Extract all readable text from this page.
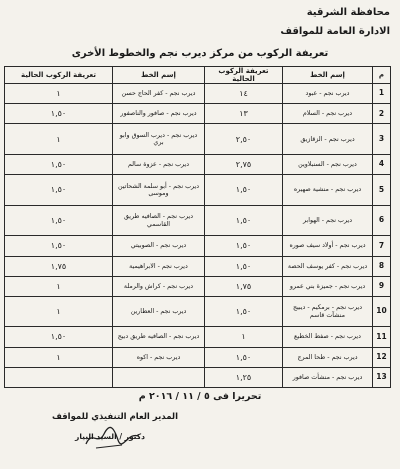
محافظة الشرقية
الادارة العامة للمواقف
تعريفة الركوب من مركز ديرب نجم والخطوط الأخرى
م	إسم الخط	تعريفة الركوب الحالية	إسم الخط	تعريفة الركوب الحالية
1	ديرب نجم - عبود	١٤	ديرب نجم - كفر الحاج حسن	١
2	ديرب نجم - السلام	١٣	ديرب نجم - صافور والناصفور	١,٥٠
3	ديرب نجم - الزقازيق	٢,٥٠	ديرب نجم - ديرب السوق وابو بري	١
4	ديرب نجم - السنبلاوين	٢,٧٥	ديرب نجم - عزوة سالم	١,٥٠
5	ديرب نجم - منشية صهيره	١,٥٠	ديرب نجم - أبو سلمة الشحاتين وموسى	١,٥٠
6	ديرب نجم - الهوابر	١,٥٠	ديرب نجم - الصافيه طريق القاسمي	١,٥٠
7	ديرب نجم - أولاد سيف صوره	١,٥٠	ديرب نجم - الصوبيتي	١,٥٠
8	ديرب نجم - كفر يوسف الحصة	١,٥٠	ديرب نجم - الابراهيمية	١,٧٥
9	ديرب نجم - جميزة بني عمرو	١,٧٥	ديرب نجم - كراش والرملة	١
10	ديرب نجم - برمكيم - ديبيج منشآت قاسم	١,٥٠	ديرب نجم - العطارين	١
11	ديرب نجم - صفط الخطيع	١	ديرب نجم - الصافيه طريق دبيج	١,٥٠
12	ديرب نجم - طحا المرج	١,٥٠	ديرب نجم - اكوه	١
13	ديرب نجم - منشأت صافور	١,٢٥		
تحريرا فى ٥ / ١١ / ٢٠١٦ م
المدير العام التنفيذي للمواقف
دكتور / السيد البيار
